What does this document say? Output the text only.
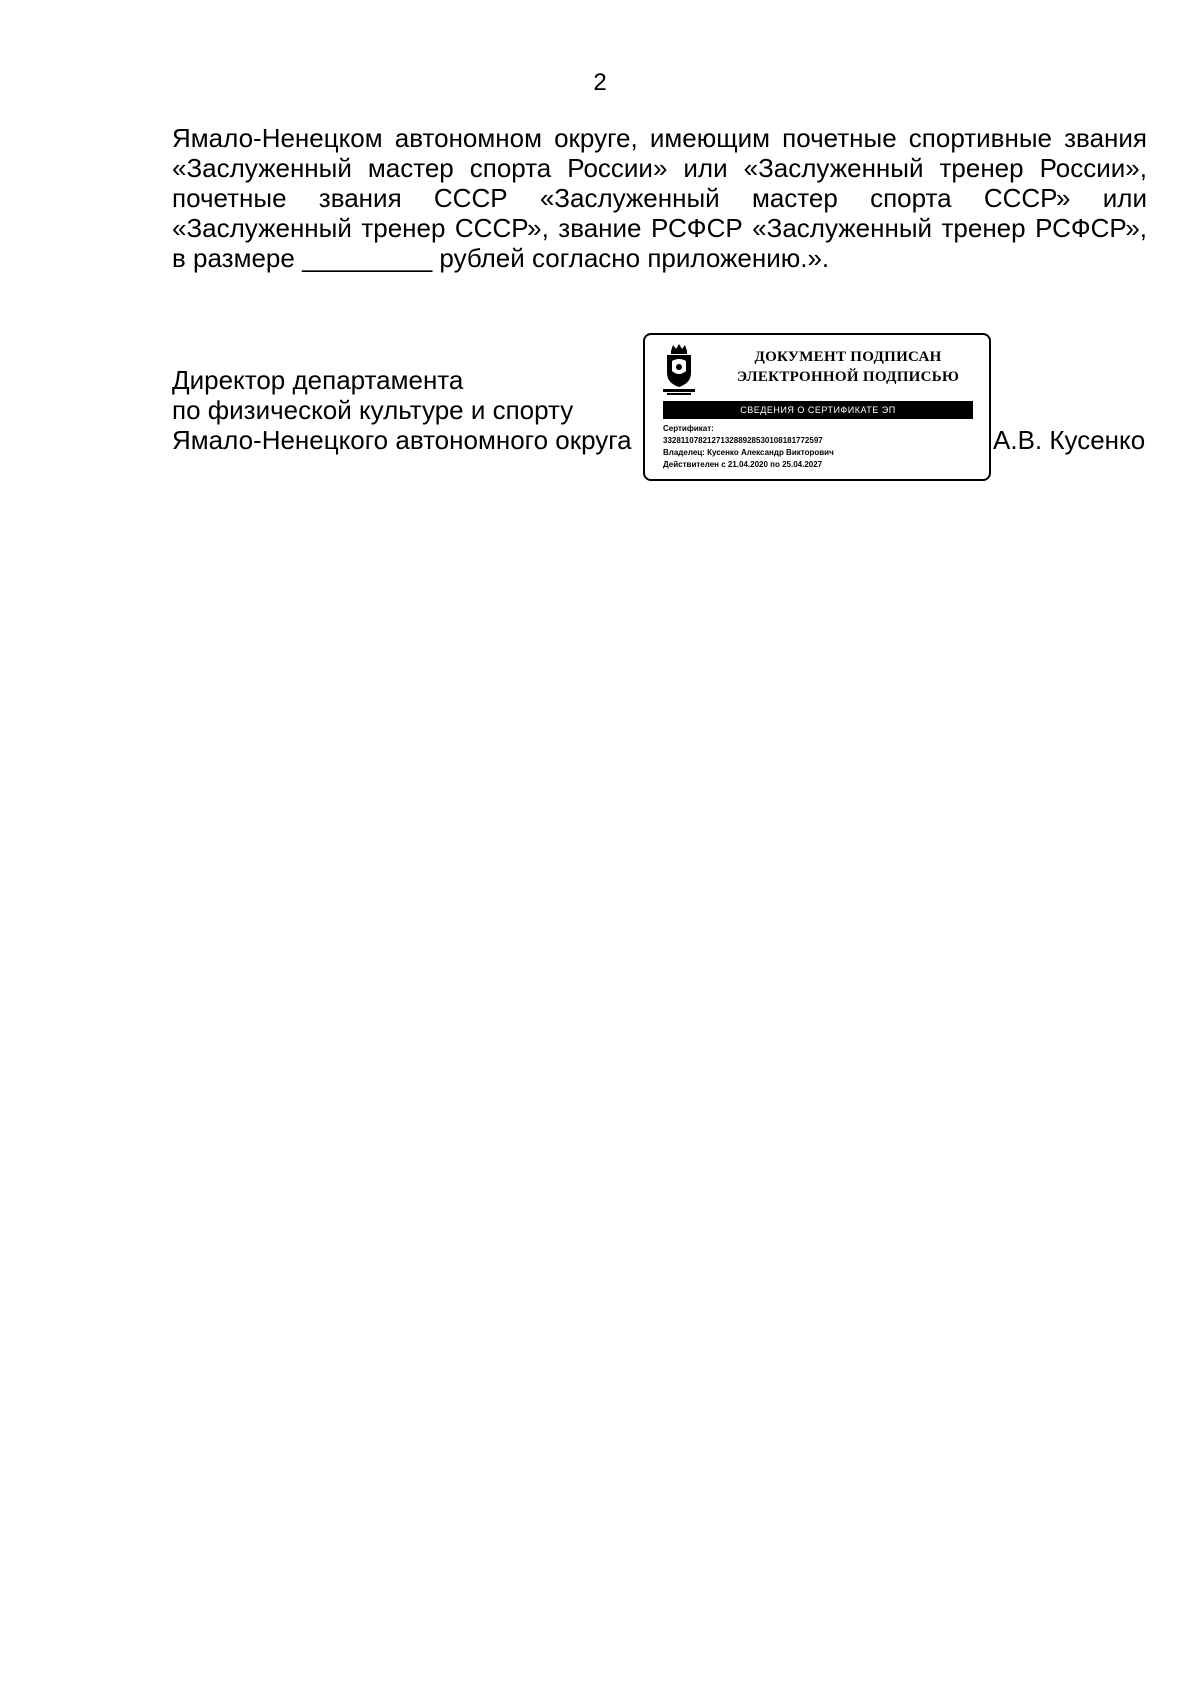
2

Ямало-Ненецком автономном округе, имеющим почетные спортивные звания
«Заслуженный мастер спорта России» или «Заслуженный тренер России»,
почетные звания СССР «Заслуженный мастер спорта СССР» или
«Заслуженный тренер СССР», звание РСФСР «Заслуженный тренер РСФСР»,
в размере _________ рублей согласно приложению.».

Директор департамента
по физической культуре и спорту
Ямало-Ненецкого автономного округа
ДОКУМЕНТ ПОДПИСАН
ЭЛЕКТРОННОЙ ПОДПИСЬЮ
СВЕДЕНИЯ О СЕРТИФИКАТЕ ЭП
Сертификат:
332811078212713288928530108181772597
Владелец: Кусенко Александр Викторович
Действителен с 21.04.2020 по 25.04.2027
А.В. Кусенко
